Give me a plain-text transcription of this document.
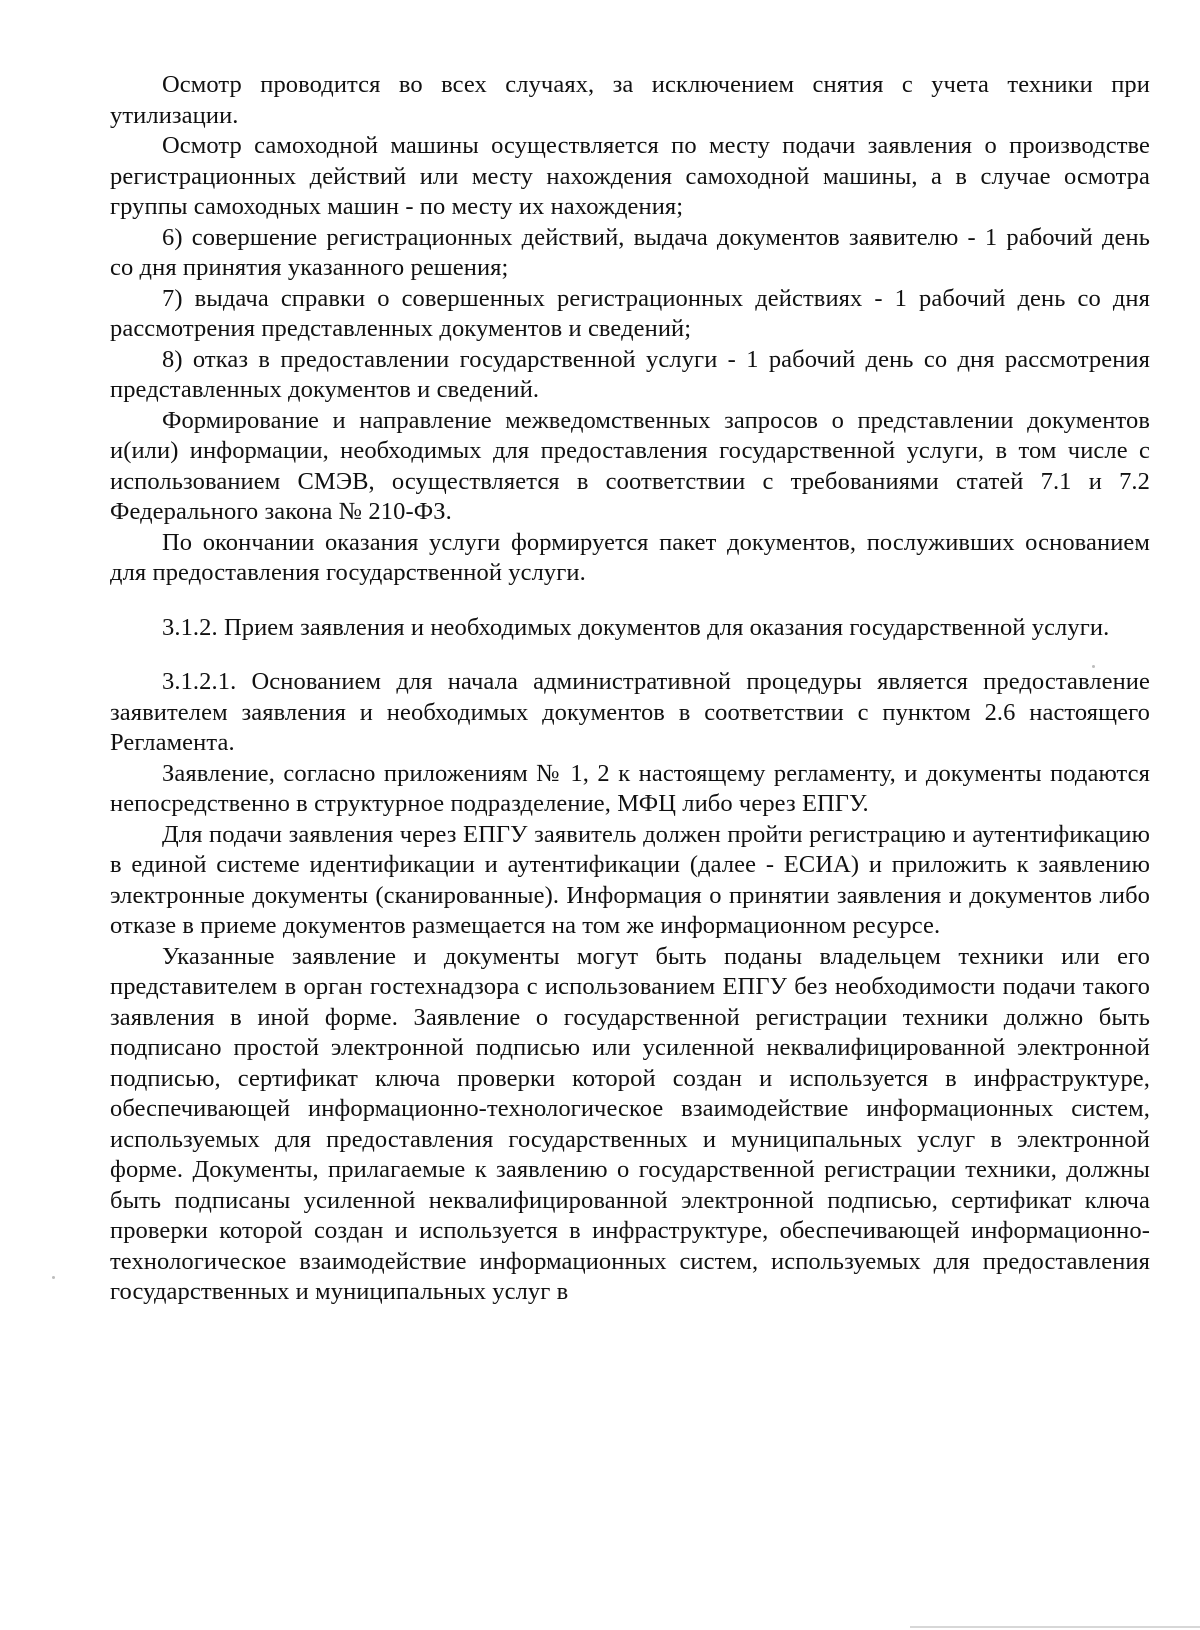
Осмотр проводится во всех случаях, за исключением снятия с учета техники при утилизации.

Осмотр самоходной машины осуществляется по месту подачи заявления о производстве регистрационных действий или месту нахождения самоходной машины, а в случае осмотра группы самоходных машин - по месту их нахождения;

6) совершение регистрационных действий, выдача документов заявителю - 1 рабочий день со дня принятия указанного решения;

7) выдача справки о совершенных регистрационных действиях - 1 рабочий день со дня рассмотрения представленных документов и сведений;

8) отказ в предоставлении государственной услуги - 1 рабочий день со дня рассмотрения представленных документов и сведений.

Формирование и направление межведомственных запросов о представлении документов и(или) информации, необходимых для предоставления государственной услуги, в том числе с использованием СМЭВ, осуществляется в соответствии с требованиями статей 7.1 и 7.2 Федерального закона № 210-ФЗ.

По окончании оказания услуги формируется пакет документов, послуживших основанием для предоставления государственной услуги.

3.1.2. Прием заявления и необходимых документов для оказания государственной услуги.

3.1.2.1. Основанием для начала административной процедуры является предоставление заявителем заявления и необходимых документов в соответствии с пунктом 2.6 настоящего Регламента.

Заявление, согласно приложениям № 1, 2 к настоящему регламенту, и документы подаются непосредственно в структурное подразделение, МФЦ либо через ЕПГУ.

Для подачи заявления через ЕПГУ заявитель должен пройти регистрацию и аутентификацию в единой системе идентификации и аутентификации (далее - ЕСИА) и приложить к заявлению электронные документы (сканированные). Информация о принятии заявления и документов либо отказе в приеме документов размещается на том же информационном ресурсе.

Указанные заявление и документы могут быть поданы владельцем техники или его представителем в орган гостехнадзора с использованием ЕПГУ без необходимости подачи такого заявления в иной форме. Заявление о государственной регистрации техники должно быть подписано простой электронной подписью или усиленной неквалифицированной электронной подписью, сертификат ключа проверки которой создан и используется в инфраструктуре, обеспечивающей информационно-технологическое взаимодействие информационных систем, используемых для предоставления государственных и муниципальных услуг в электронной форме. Документы, прилагаемые к заявлению о государственной регистрации техники, должны быть подписаны усиленной неквалифицированной электронной подписью, сертификат ключа проверки которой создан и используется в инфраструктуре, обеспечивающей информационно-технологическое взаимодействие информационных систем, используемых для предоставления государственных и муниципальных услуг в
